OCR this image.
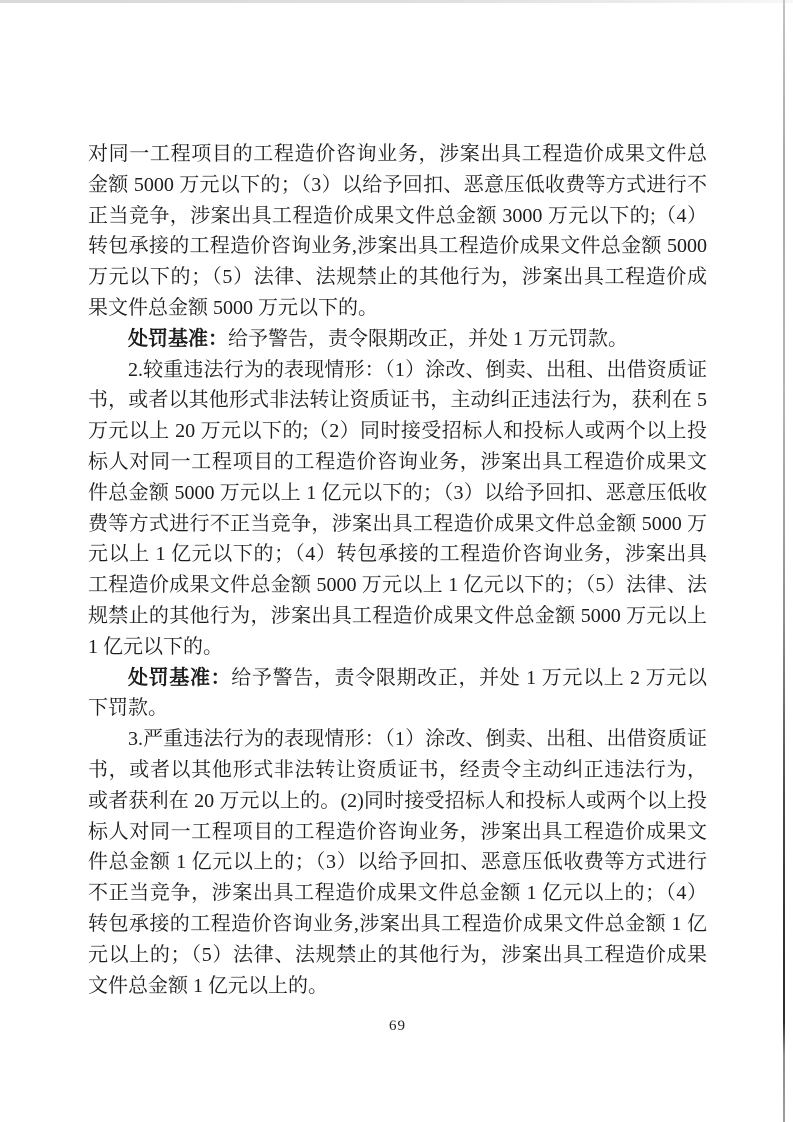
对同一工程项目的工程造价咨询业务，涉案出具工程造价成果文件总金额 5000 万元以下的；（3）以给予回扣、恶意压低收费等方式进行不正当竞争，涉案出具工程造价成果文件总金额 3000 万元以下的;（4）转包承接的工程造价咨询业务,涉案出具工程造价成果文件总金额 5000 万元以下的；（5）法律、法规禁止的其他行为，涉案出具工程造价成果文件总金额 5000 万元以下的。
处罚基准：给予警告，责令限期改正，并处 1 万元罚款。
2.较重违法行为的表现情形：（1）涂改、倒卖、出租、出借资质证书，或者以其他形式非法转让资质证书，主动纠正违法行为，获利在 5 万元以上 20 万元以下的;（2）同时接受招标人和投标人或两个以上投标人对同一工程项目的工程造价咨询业务，涉案出具工程造价成果文件总金额 5000 万元以上 1 亿元以下的；（3）以给予回扣、恶意压低收费等方式进行不正当竞争，涉案出具工程造价成果文件总金额 5000 万元以上 1 亿元以下的；（4）转包承接的工程造价咨询业务，涉案出具工程造价成果文件总金额 5000 万元以上 1 亿元以下的；（5）法律、法规禁止的其他行为，涉案出具工程造价成果文件总金额 5000 万元以上 1 亿元以下的。
处罚基准：给予警告，责令限期改正，并处 1 万元以上 2 万元以下罚款。
3.严重违法行为的表现情形：（1）涂改、倒卖、出租、出借资质证书，或者以其他形式非法转让资质证书，经责令主动纠正违法行为，或者获利在 20 万元以上的。(2)同时接受招标人和投标人或两个以上投标人对同一工程项目的工程造价咨询业务，涉案出具工程造价成果文件总金额 1 亿元以上的；（3）以给予回扣、恶意压低收费等方式进行不正当竞争，涉案出具工程造价成果文件总金额 1 亿元以上的；（4）转包承接的工程造价咨询业务,涉案出具工程造价成果文件总金额 1 亿元以上的；（5）法律、法规禁止的其他行为，涉案出具工程造价成果文件总金额 1 亿元以上的。
69
